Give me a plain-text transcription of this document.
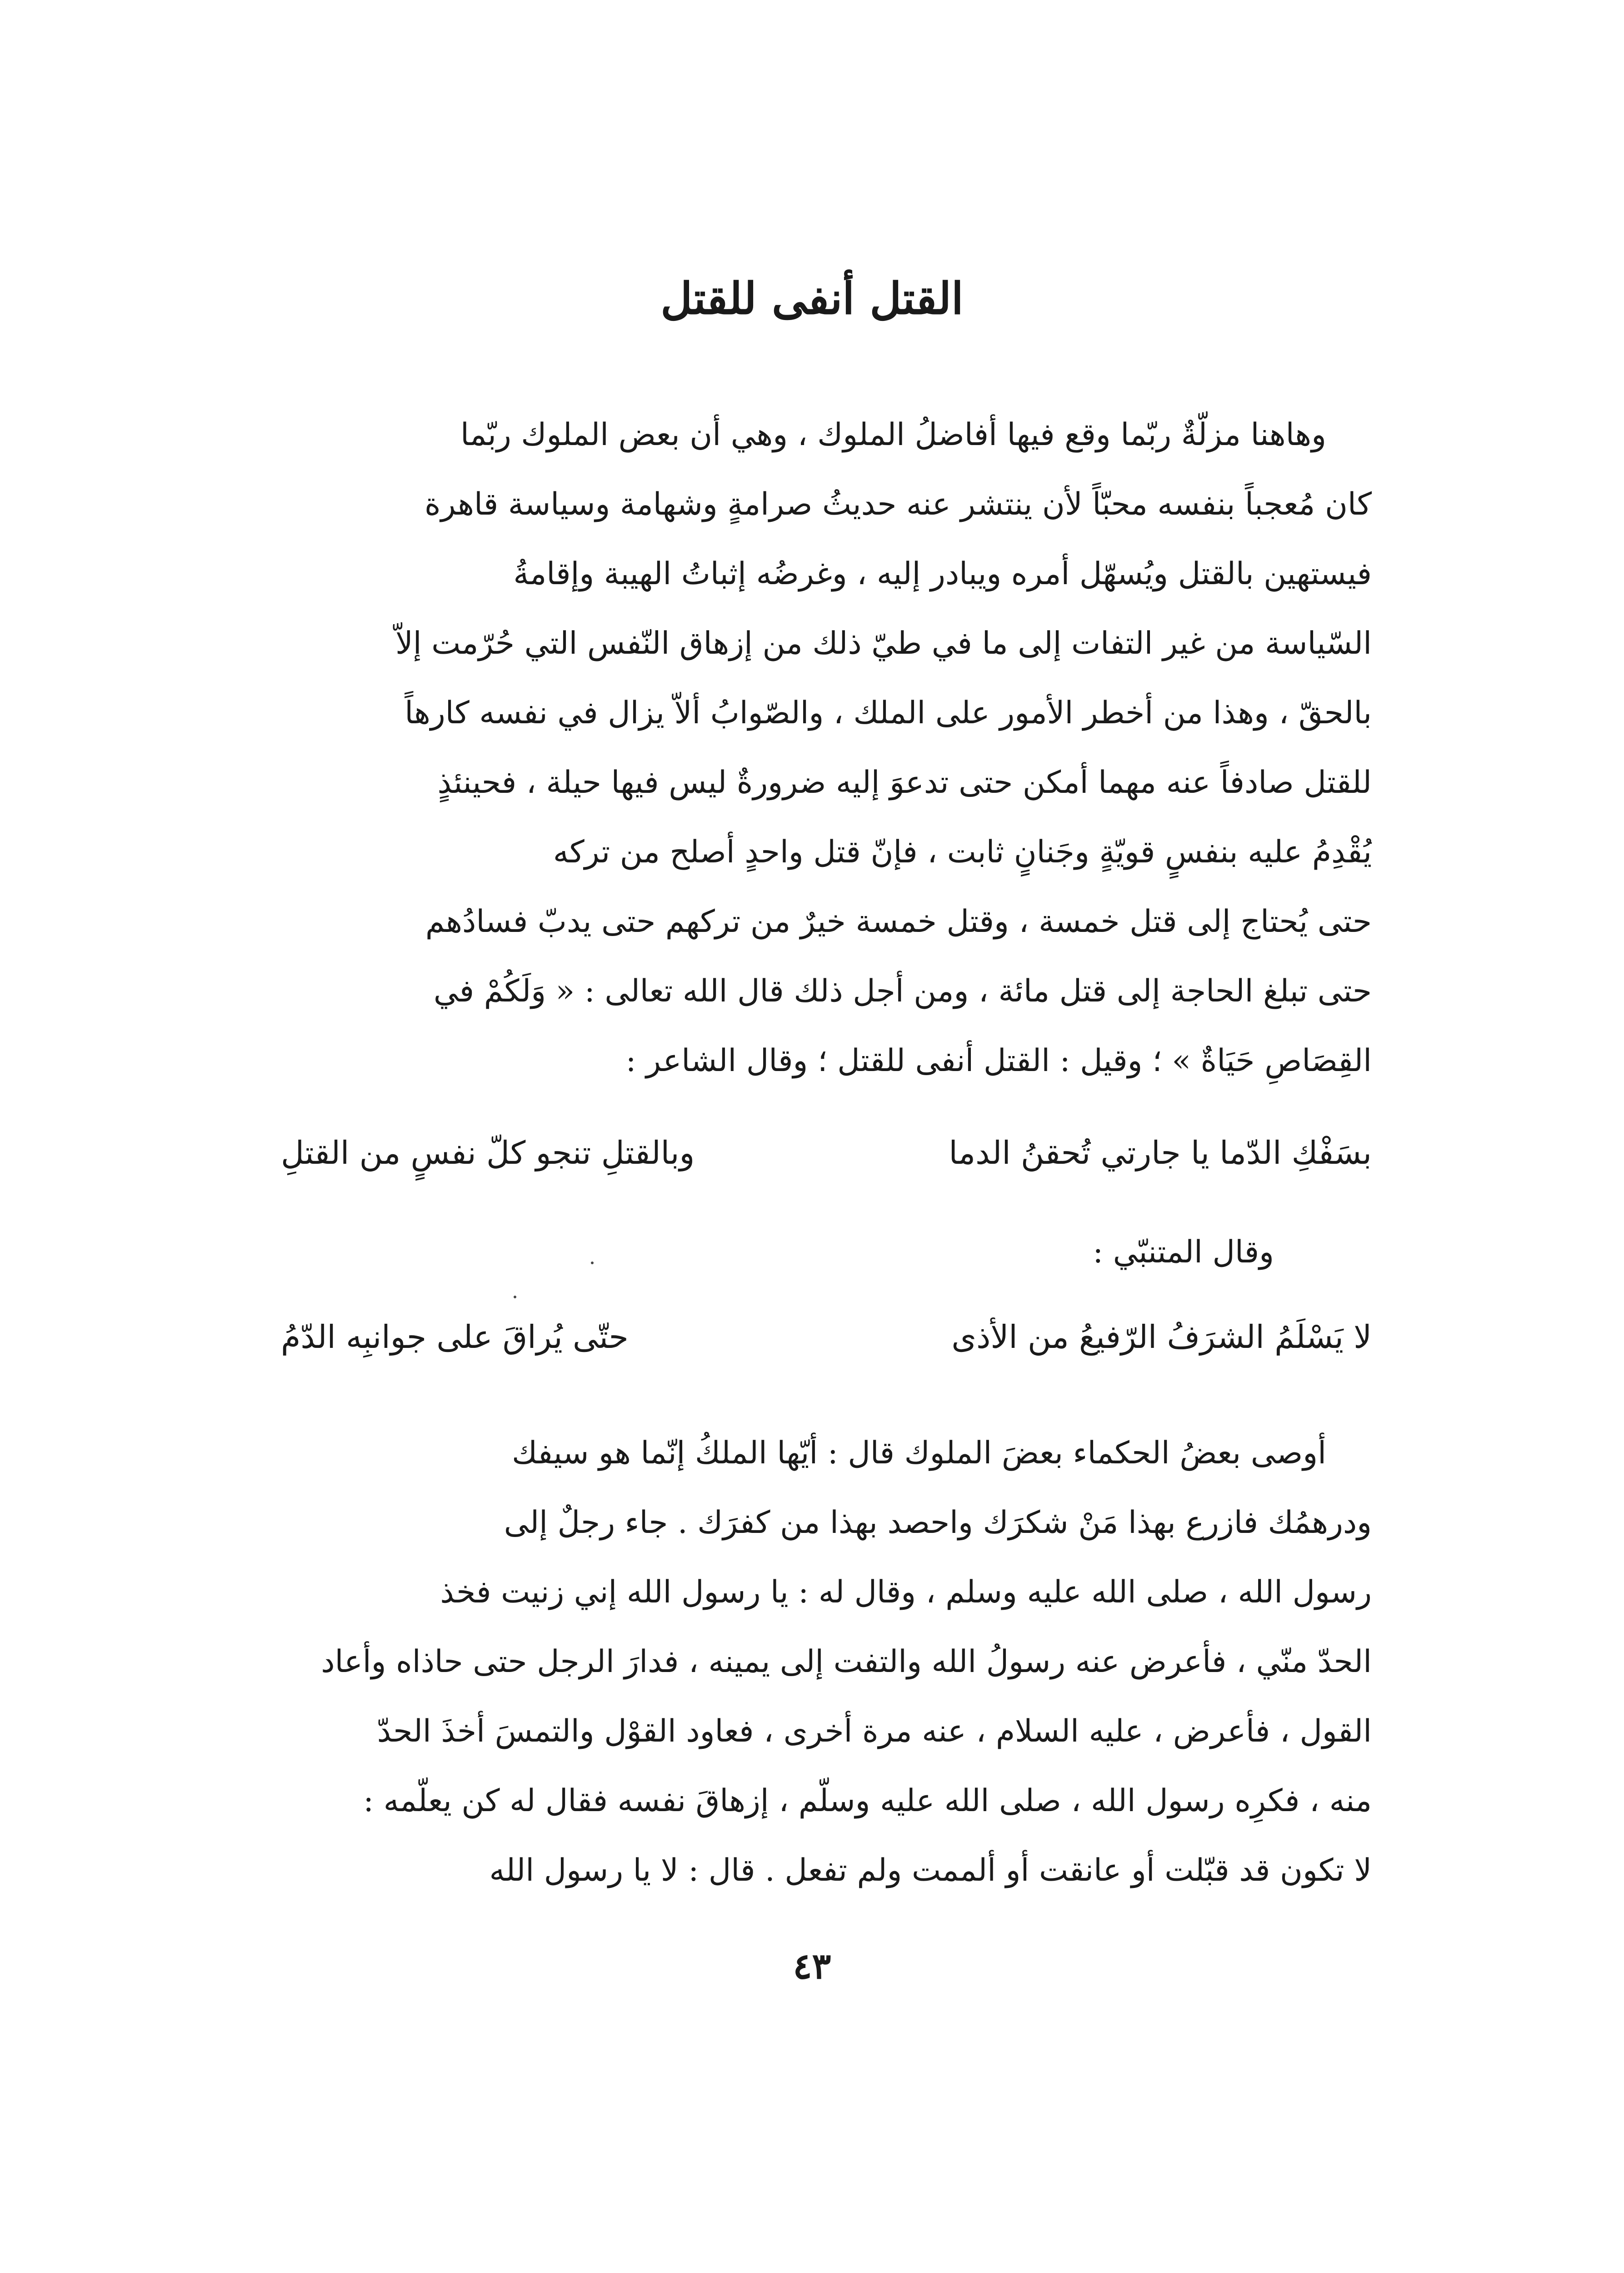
القتل أنفى للقتل
وهاهنا مزلّةٌ ربّما وقع فيها أفاضلُ الملوك ، وهي أن بعض الملوك ربّما
كان مُعجباً بنفسه محبّاً لأن ينتشر عنه حديثُ صرامةٍ وشهامة وسياسة قاهرة
فيستهين بالقتل ويُسهّل أمره ويبادر إليه ، وغرضُه إثباتُ الهيبة وإقامةُ
السّياسة من غير التفات إلى ما في طيّ ذلك من إزهاق النّفس التي حُرّمت إلاّ
بالحقّ ، وهذا من أخطر الأمور على الملك ، والصّوابُ ألاّ يزال في نفسه كارهاً
للقتل صادفاً عنه مهما أمكن حتى تدعوَ إليه ضرورةٌ ليس فيها حيلة ، فحينئذٍ
يُقْدِمُ عليه بنفسٍ قويّةٍ وجَنانٍ ثابت ، فإنّ قتل واحدٍ أصلح من تركه
حتى يُحتاج إلى قتل خمسة ، وقتل خمسة خيرٌ من تركهم حتى يدبّ فسادُهم
حتى تبلغ الحاجة إلى قتل مائة ، ومن أجل ذلك قال الله تعالى : « وَلَكُمْ في
القِصَاصِ حَيَاةٌ » ؛ وقيل : القتل أنفى للقتل ؛ وقال الشاعر :
بسَفْكِ الدّما يا جارتي تُحقنُ الدما
وبالقتلِ تنجو كلّ نفسٍ من القتلِ
وقال المتنبّي :
لا يَسْلَمُ الشرَفُ الرّفيعُ من الأذى
حتّى يُراقَ على جوانبِه الدّمُ
أوصى بعضُ الحكماء بعضَ الملوك قال : أيّها الملكُ إنّما هو سيفك
ودرهمُك فازرع بهذا مَنْ شكرَك واحصد بهذا من كفرَك . جاء رجلٌ إلى
رسول الله ، صلى الله عليه وسلم ، وقال له : يا رسول الله إني زنيت فخذ
الحدّ منّي ، فأعرض عنه رسولُ الله والتفت إلى يمينه ، فدارَ الرجل حتى حاذاه وأعاد
القول ، فأعرض ، عليه السلام ، عنه مرة أخرى ، فعاود القوْل والتمسَ أخذَ الحدّ
منه ، فكرِه رسول الله ، صلى الله عليه وسلّم ، إزهاقَ نفسه فقال له كن يعلّمه :
لا تكون قد قبّلت أو عانقت أو ألممت ولم تفعل . قال : لا يا رسول الله
٤٣
